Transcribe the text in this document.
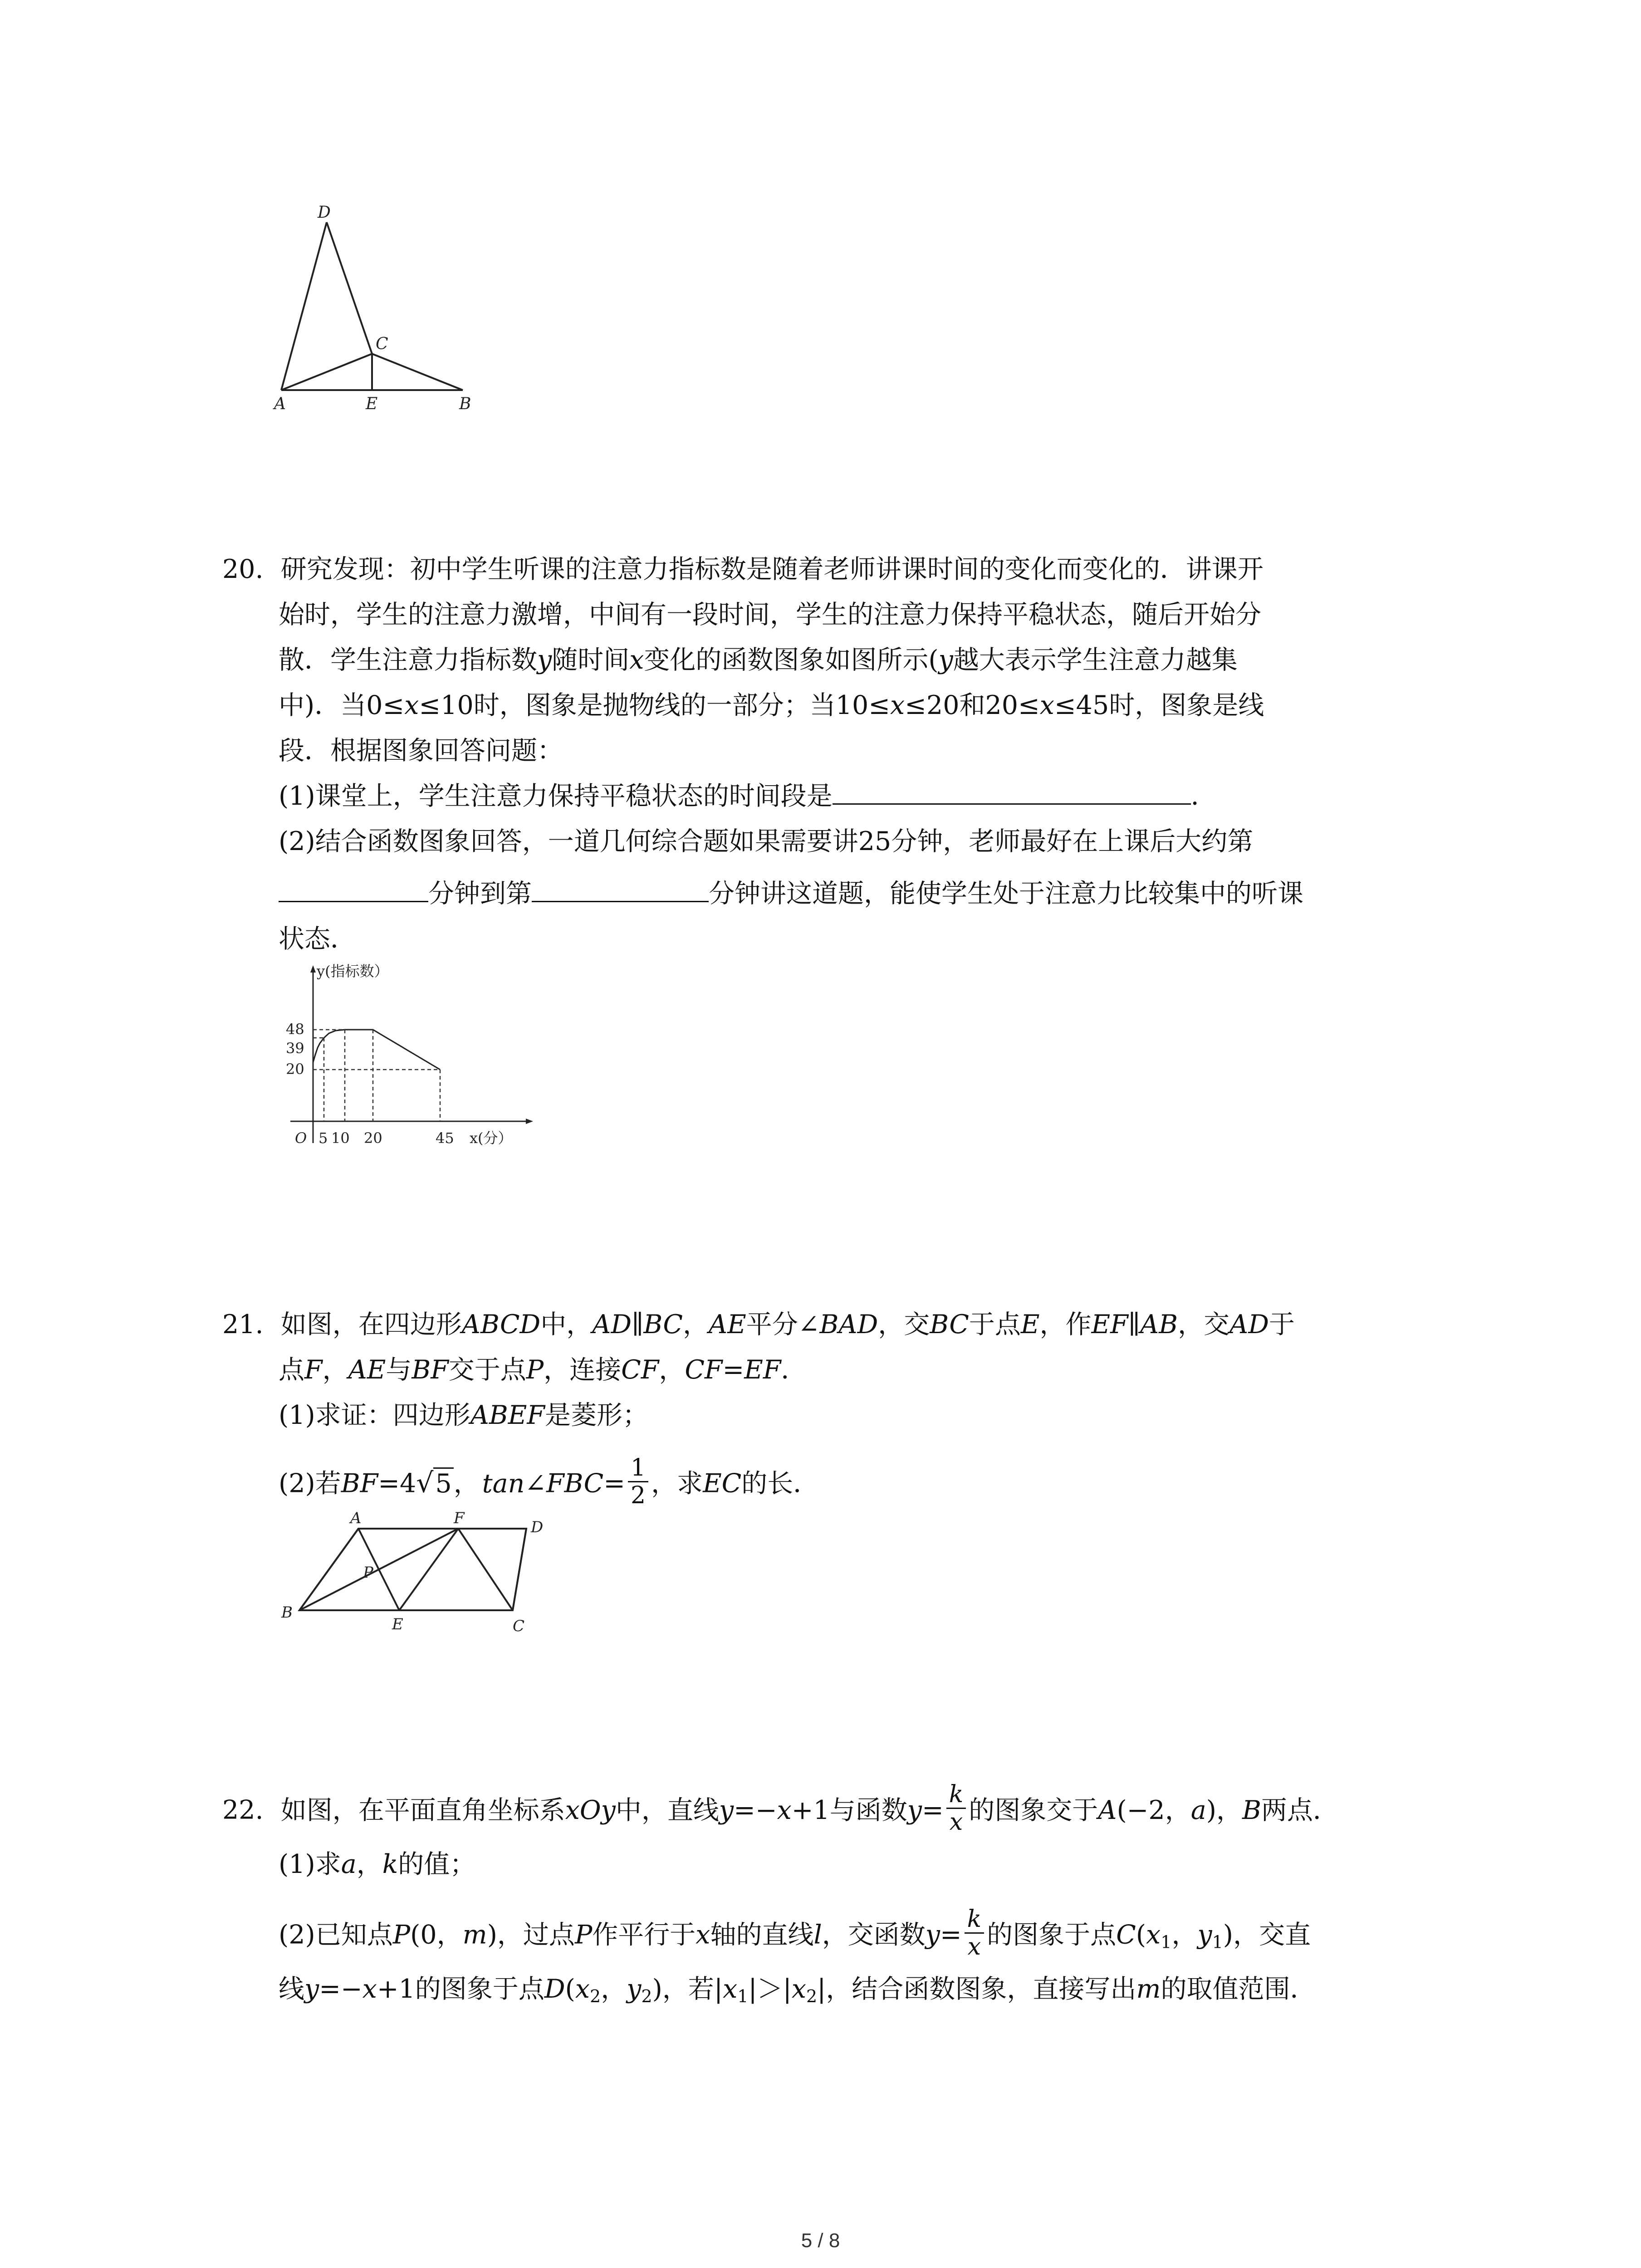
D
C
A	E	B
20. 研究发现：初中学生听课的注意力指标数是随着老师讲课时间的变化而变化的．讲课开
始时，学生的注意力激增，中间有一段时间，学生的注意力保持平稳状态，随后开始分
散．学生注意力指标数y随时间x变化的函数图象如图所示(y越大表示学生注意力越集
中)．当0≤x≤10时，图象是抛物线的一部分；当10≤x≤20和20≤x≤45时，图象是线
段．根据图象回答问题：
(1)课堂上，学生注意力保持平稳状态的时间段是	．
(2)结合函数图象回答，一道几何综合题如果需要讲25分钟，老师最好在上课后大约第
分钟到第	分钟讲这道题，能使学生处于注意力比较集中的听课
状态．
y(指标数）
x(分）
O
48
39
20
5 10 20	45
21. 如图，在四边形ABCD中，AD∥BC，AE平分∠BAD，交BC于点E，作EF∥AB，交AD于
点F，AE与BF交于点P，连接CF，CF=EF．
(1)求证：四边形ABEF是菱形；
(2)若BF=4√5， tan∠FBC= $\frac{1}{2}$ ，求EC的长．
A	F	D
P
B
E	C
22. 如图，在平面直角坐标系xOy中，直线y=−x+1与函数$y= \frac{k}{x}$ 的图象交于A(−2，a)，B两点．
(1)求a，k的值；
(2)已知点P(0，m)，过点P作平行于x轴的直线l，交函数$y= \frac{k}{x}$ 的图象于点$C(x_1$，$y_1$)，交直
线y=−x+1的图象于点$D(x_2$，$y_2$)，若$|x_1|>|x_2|$，结合函数图象，直接写出m的取值范围．
5 / 8
